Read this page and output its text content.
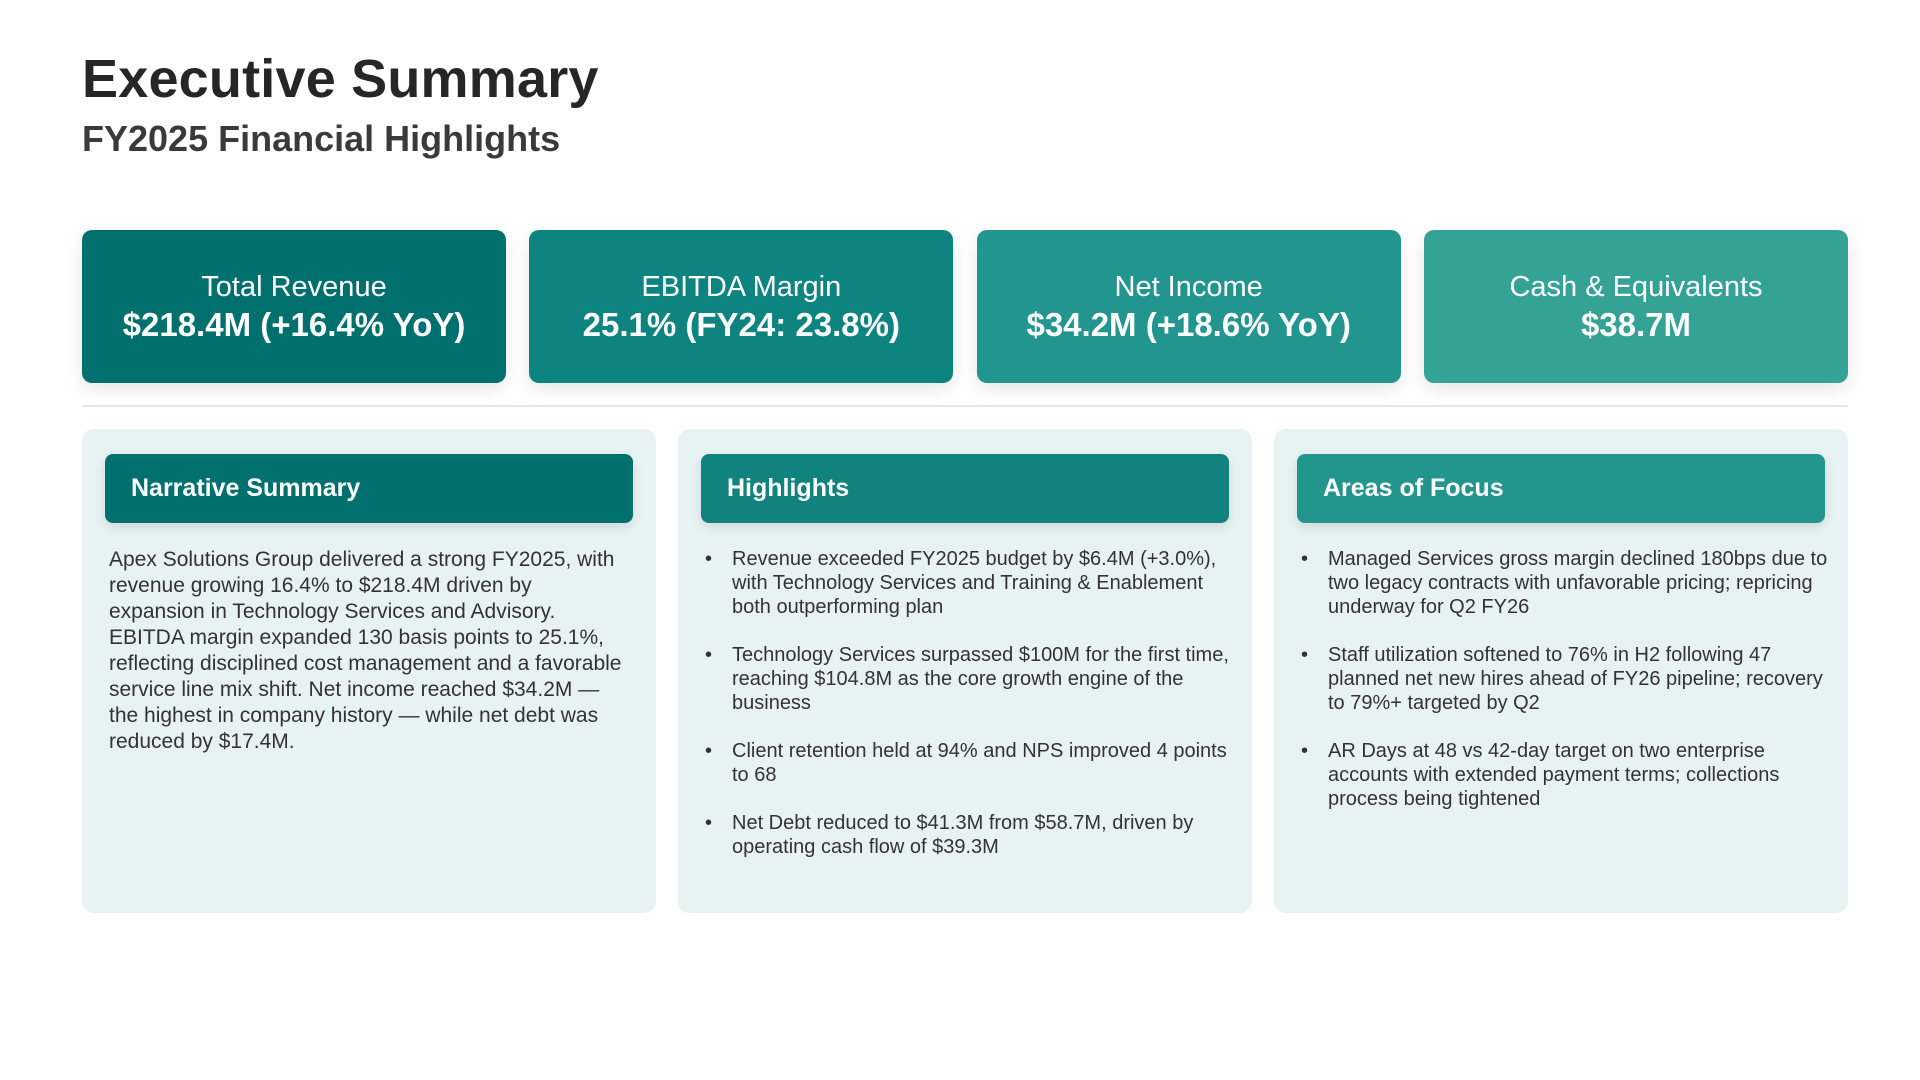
Executive Summary
FY2025 Financial Highlights
Total Revenue
$218.4M (+16.4% YoY)
EBITDA Margin
25.1% (FY24: 23.8%)
Net Income
$34.2M (+18.6% YoY)
Cash & Equivalents
$38.7M
Narrative Summary

Apex Solutions Group delivered a strong FY2025, with revenue growing 16.4% to $218.4M driven by expansion in Technology Services and Advisory. EBITDA margin expanded 130 basis points to 25.1%, reflecting disciplined cost management and a favorable service line mix shift. Net income reached $34.2M — the highest in company history — while net debt was reduced by $17.4M.

Highlights
• Revenue exceeded FY2025 budget by $6.4M (+3.0%), with Technology Services and Training & Enablement both outperforming plan
• Technology Services surpassed $100M for the first time, reaching $104.8M as the core growth engine of the business
• Client retention held at 94% and NPS improved 4 points to 68
• Net Debt reduced to $41.3M from $58.7M, driven by operating cash flow of $39.3M
Areas of Focus
• Managed Services gross margin declined 180bps due to two legacy contracts with unfavorable pricing; repricing underway for Q2 FY26
• Staff utilization softened to 76% in H2 following 47 planned net new hires ahead of FY26 pipeline; recovery to 79%+ targeted by Q2
• AR Days at 48 vs 42-day target on two enterprise accounts with extended payment terms; collections process being tightened
